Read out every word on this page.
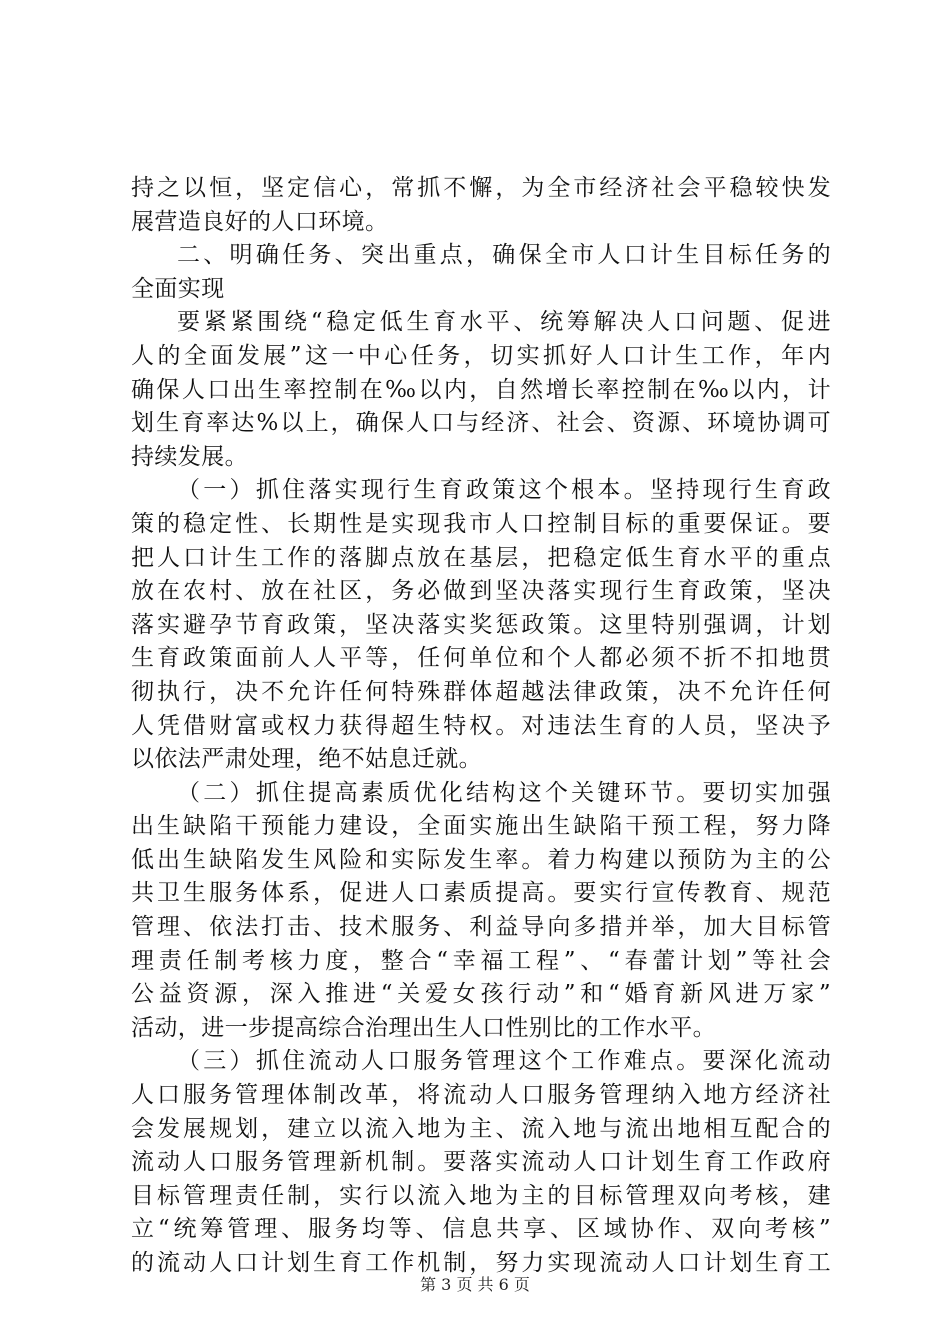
持之以恒，坚定信心，常抓不懈，为全市经济社会平稳较快发
展营造良好的人口环境。
二、明确任务、突出重点，确保全市人口计生目标任务的
全面实现
要紧紧围绕“稳定低生育水平、统筹解决人口问题、促进
人的全面发展”这一中心任务，切实抓好人口计生工作，年内
确保人口出生率控制在‰以内，自然增长率控制在‰以内，计
划生育率达%以上，确保人口与经济、社会、资源、环境协调可
持续发展。
（一）抓住落实现行生育政策这个根本。坚持现行生育政
策的稳定性、长期性是实现我市人口控制目标的重要保证。要
把人口计生工作的落脚点放在基层，把稳定低生育水平的重点
放在农村、放在社区，务必做到坚决落实现行生育政策，坚决
落实避孕节育政策，坚决落实奖惩政策。这里特别强调，计划
生育政策面前人人平等，任何单位和个人都必须不折不扣地贯
彻执行，决不允许任何特殊群体超越法律政策，决不允许任何
人凭借财富或权力获得超生特权。对违法生育的人员，坚决予
以依法严肃处理，绝不姑息迁就。
（二）抓住提高素质优化结构这个关键环节。要切实加强
出生缺陷干预能力建设，全面实施出生缺陷干预工程，努力降
低出生缺陷发生风险和实际发生率。着力构建以预防为主的公
共卫生服务体系，促进人口素质提高。要实行宣传教育、规范
管理、依法打击、技术服务、利益导向多措并举，加大目标管
理责任制考核力度，整合“幸福工程”、“春蕾计划”等社会
公益资源，深入推进“关爱女孩行动”和“婚育新风进万家”
活动，进一步提高综合治理出生人口性别比的工作水平。
（三）抓住流动人口服务管理这个工作难点。要深化流动
人口服务管理体制改革，将流动人口服务管理纳入地方经济社
会发展规划，建立以流入地为主、流入地与流出地相互配合的
流动人口服务管理新机制。要落实流动人口计划生育工作政府
目标管理责任制，实行以流入地为主的目标管理双向考核，建
立“统筹管理、服务均等、信息共享、区域协作、双向考核”
的流动人口计划生育工作机制，努力实现流动人口计划生育工
第 3 页 共 6 页
